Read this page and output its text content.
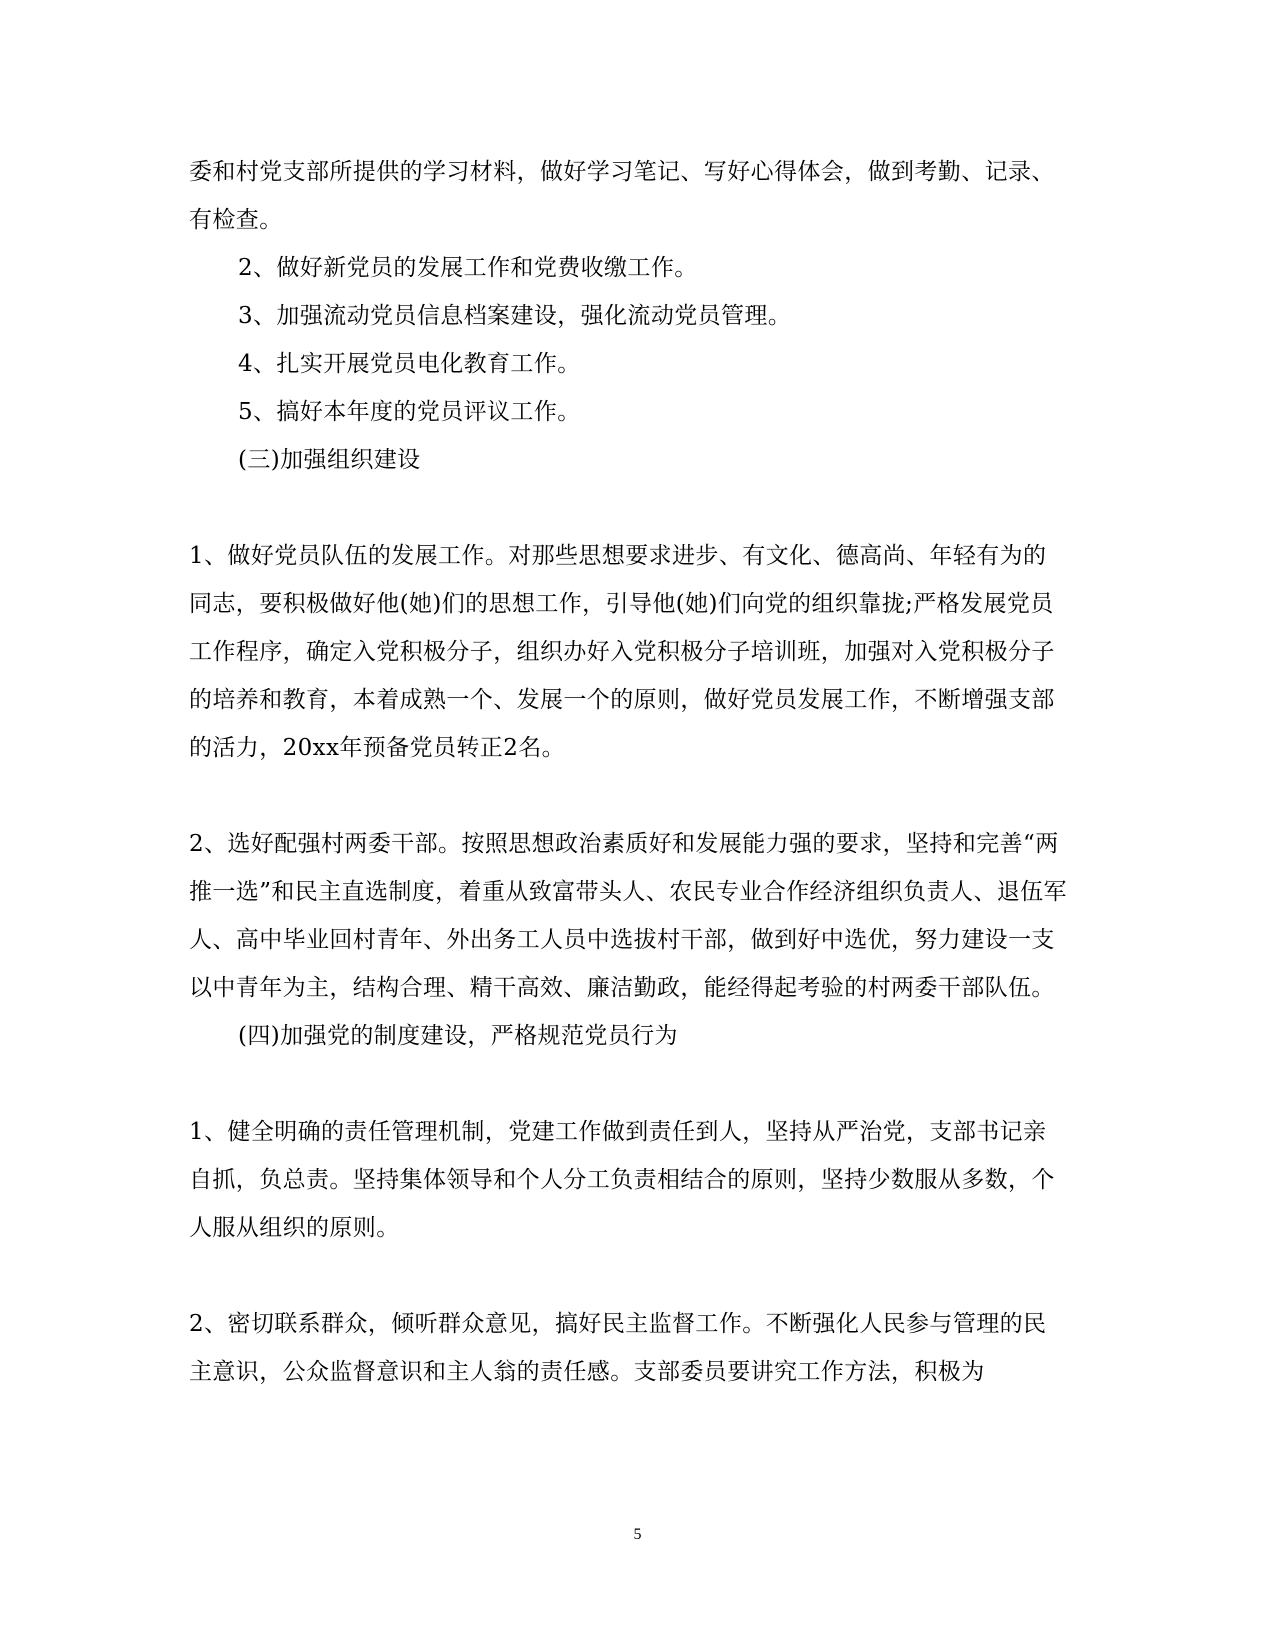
委和村党支部所提供的学习材料，做好学习笔记、写好心得体会，做到考勤、记录、有检查。

2、做好新党员的发展工作和党费收缴工作。

3、加强流动党员信息档案建设，强化流动党员管理。

4、扎实开展党员电化教育工作。

5、搞好本年度的党员评议工作。

(三)加强组织建设

1、做好党员队伍的发展工作。对那些思想要求进步、有文化、德高尚、年轻有为的同志，要积极做好他(她)们的思想工作，引导他(她)们向党的组织靠拢;严格发展党员工作程序，确定入党积极分子，组织办好入党积极分子培训班，加强对入党积极分子的培养和教育，本着成熟一个、发展一个的原则，做好党员发展工作，不断增强支部的活力，20xx年预备党员转正2名。

2、选好配强村两委干部。按照思想政治素质好和发展能力强的要求，坚持和完善“两推一选”和民主直选制度，着重从致富带头人、农民专业合作经济组织负责人、退伍军人、高中毕业回村青年、外出务工人员中选拔村干部，做到好中选优，努力建设一支以中青年为主，结构合理、精干高效、廉洁勤政，能经得起考验的村两委干部队伍。

(四)加强党的制度建设，严格规范党员行为

1、健全明确的责任管理机制，党建工作做到责任到人，坚持从严治党，支部书记亲自抓，负总责。坚持集体领导和个人分工负责相结合的原则，坚持少数服从多数，个人服从组织的原则。

2、密切联系群众，倾听群众意见，搞好民主监督工作。不断强化人民参与管理的民主意识，公众监督意识和主人翁的责任感。支部委员要讲究工作方法，积极为

5
